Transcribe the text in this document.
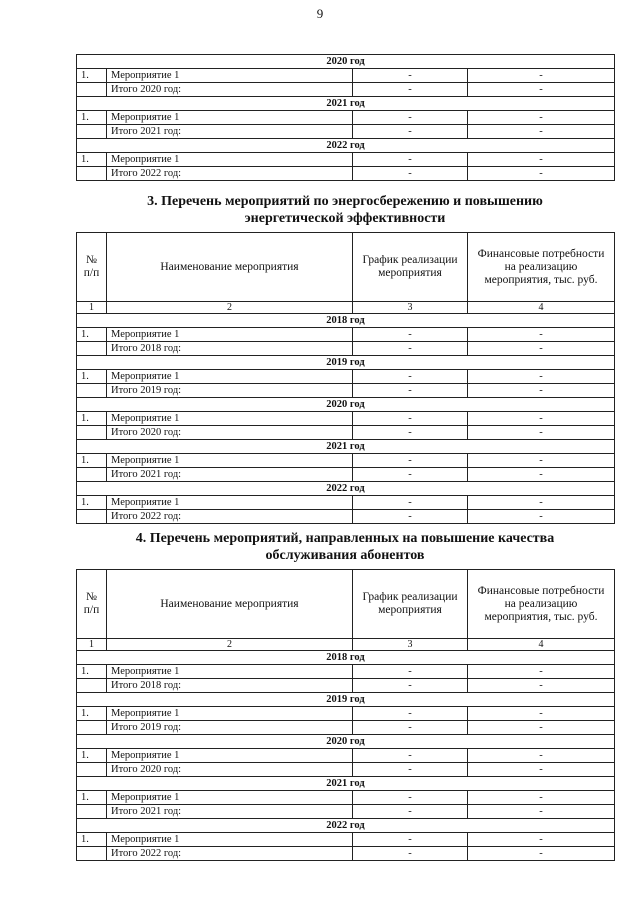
9
2020 год			
1.	Мероприятие 1	-	-
	Итого 2020 год:	-	-
2021 год			
1.	Мероприятие 1	-	-
	Итого 2021 год:	-	-
2022 год			
1.	Мероприятие 1	-	-
	Итого 2022 год:	-	-
3. Перечень мероприятий по энергосбережению и повышению
энергетической эффективности
№ п/п	Наименование мероприятия	График реализации мероприятия	Финансовые потребности на реализацию мероприятия, тыс. руб.
1	2	3	4
2018 год			
1.	Мероприятие 1	-	-
	Итого 2018 год:	-	-
2019 год			
1.	Мероприятие 1	-	-
	Итого 2019 год:	-	-
2020 год			
1.	Мероприятие 1	-	-
	Итого 2020 год:	-	-
2021 год			
1.	Мероприятие 1	-	-
	Итого 2021 год:	-	-
2022 год			
1.	Мероприятие 1	-	-
	Итого 2022 год:	-	-
4. Перечень мероприятий, направленных на повышение качества
обслуживания абонентов
№ п/п	Наименование мероприятия	График реализации мероприятия	Финансовые потребности на реализацию мероприятия, тыс. руб.
1	2	3	4
2018 год			
1.	Мероприятие 1	-	-
	Итого 2018 год:	-	-
2019 год			
1.	Мероприятие 1	-	-
	Итого 2019 год:	-	-
2020 год			
1.	Мероприятие 1	-	-
	Итого 2020 год:	-	-
2021 год			
1.	Мероприятие 1	-	-
	Итого 2021 год:	-	-
2022 год			
1.	Мероприятие 1	-	-
	Итого 2022 год:	-	-
